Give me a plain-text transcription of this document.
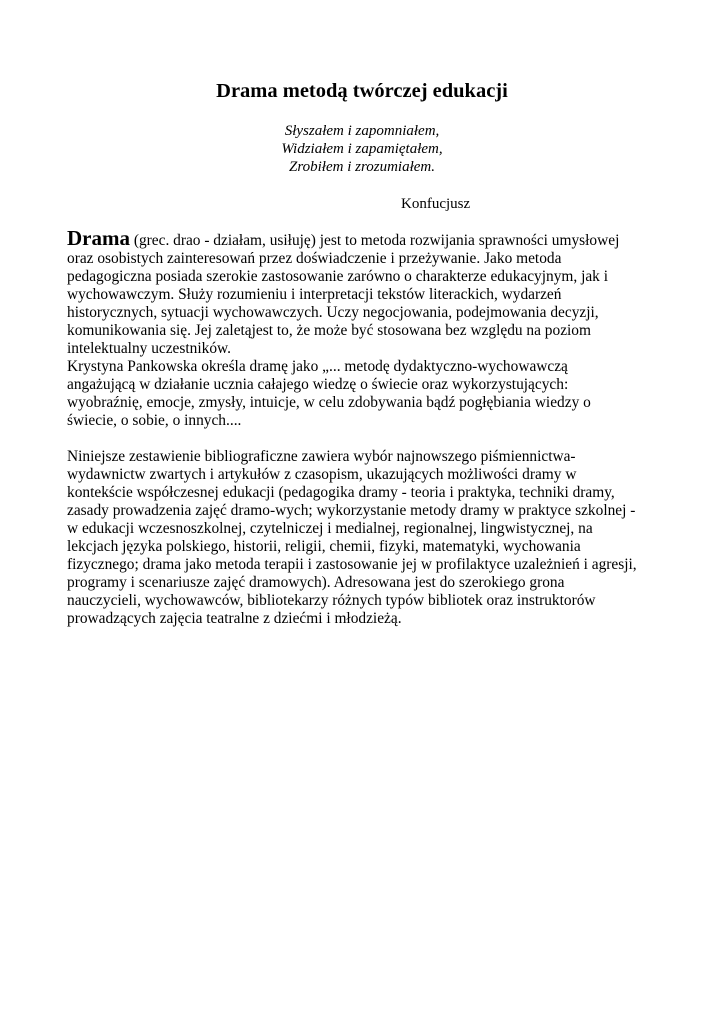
Drama metodą twórczej edukacji
Słyszałem i zapomniałem,
Widziałem i zapamiętałem,
Zrobiłem i zrozumiałem.
Konfucjusz
Drama (grec. drao - działam, usiłuję) jest to metoda rozwijania sprawności umysłowej
oraz osobistych zainteresowań przez doświadczenie i przeżywanie. Jako metoda
pedagogiczna posiada szerokie zastosowanie zarówno o charakterze edukacyjnym, jak i
wychowawczym. Służy rozumieniu i interpretacji tekstów literackich, wydarzeń
historycznych, sytuacji wychowawczych. Uczy negocjowania, podejmowania decyzji,
komunikowania się. Jej zaletąjest to, że może być stosowana bez względu na poziom
intelektualny uczestników.
Krystyna Pankowska określa dramę jako „... metodę dydaktyczno-wychowawczą
angażującą w działanie ucznia całajego wiedzę o świecie oraz wykorzystujących:
wyobraźnię, emocje, zmysły, intuicje, w celu zdobywania bądź pogłębiania wiedzy o
świecie, o sobie, o innych....
Niniejsze zestawienie bibliograficzne zawiera wybór najnowszego piśmiennictwa-
wydawnictw zwartych i artykułów z czasopism, ukazujących możliwości dramy w
kontekście współczesnej edukacji (pedagogika dramy - teoria i praktyka, techniki dramy,
zasady prowadzenia zajęć dramo-wych; wykorzystanie metody dramy w praktyce szkolnej -
w edukacji wczesnoszkolnej, czytelniczej i medialnej, regionalnej, lingwistycznej, na
lekcjach języka polskiego, historii, religii, chemii, fizyki, matematyki, wychowania
fizycznego; drama jako metoda terapii i zastosowanie jej w profilaktyce uzależnień i agresji,
programy i scenariusze zajęć dramowych). Adresowana jest do szerokiego grona
nauczycieli, wychowawców, bibliotekarzy różnych typów bibliotek oraz instruktorów
prowadzących zajęcia teatralne z dziećmi i młodzieżą.
